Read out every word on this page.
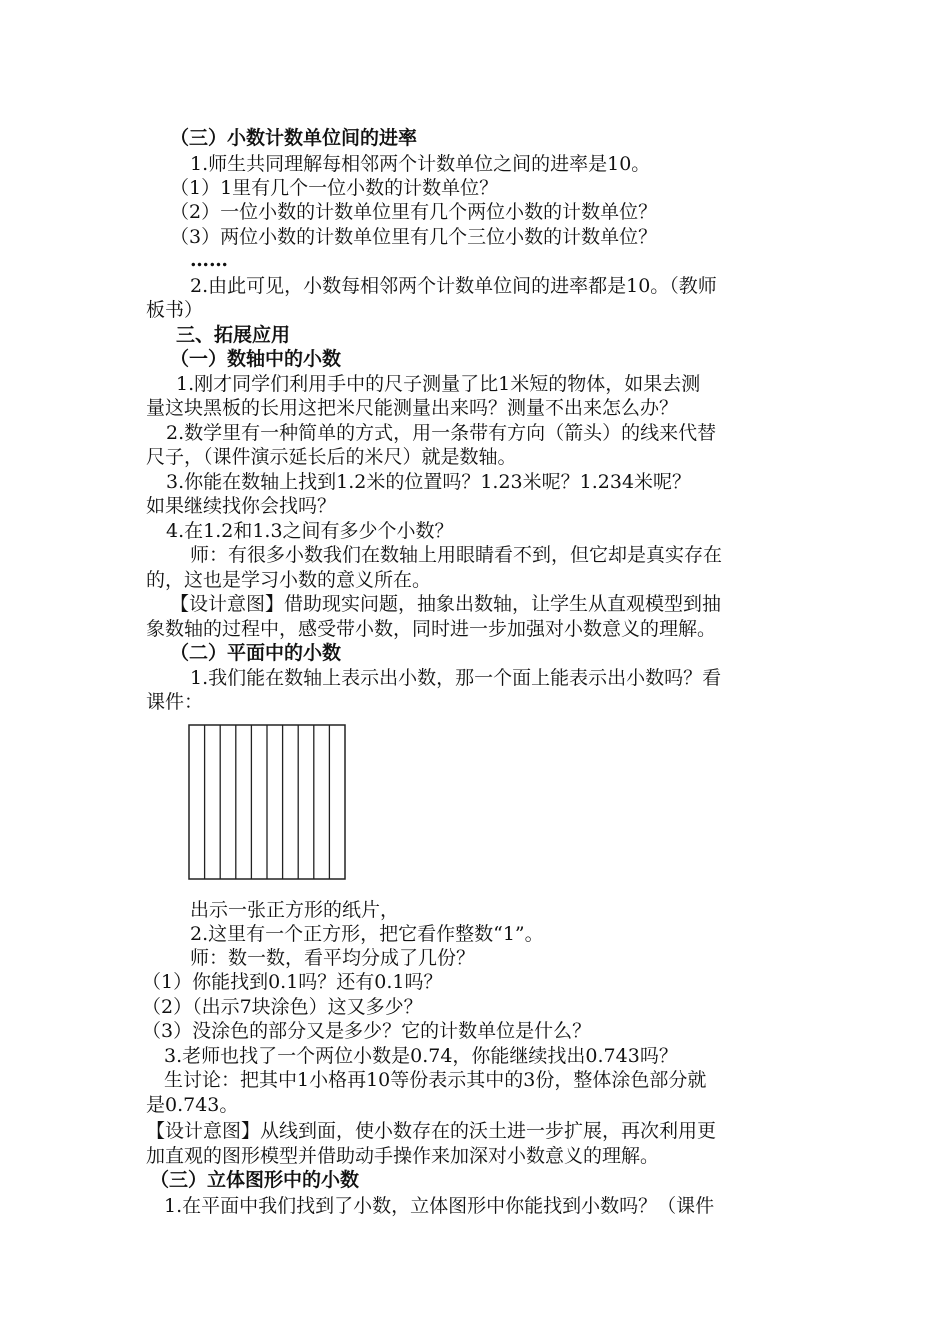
（三）小数计数单位间的进率

1.师生共同理解每相邻两个计数单位之间的进率是10。

（1）1里有几个一位小数的计数单位？

（2）一位小数的计数单位里有几个两位小数的计数单位？

（3）两位小数的计数单位里有几个三位小数的计数单位？

……

2.由此可见，小数每相邻两个计数单位间的进率都是10。（教师

板书）

三、拓展应用

（一）数轴中的小数

1.刚才同学们利用手中的尺子测量了比1米短的物体，如果去测

量这块黑板的长用这把米尺能测量出来吗？测量不出来怎么办？

2.数学里有一种简单的方式，用一条带有方向（箭头）的线来代替

尺子，（课件演示延长后的米尺）就是数轴。

3.你能在数轴上找到1.2米的位置吗？1.23米呢？1.234米呢？

如果继续找你会找吗？

4.在1.2和1.3之间有多少个小数？

师：有很多小数我们在数轴上用眼睛看不到，但它却是真实存在

的，这也是学习小数的意义所在。

【设计意图】借助现实问题，抽象出数轴，让学生从直观模型到抽

象数轴的过程中，感受带小数，同时进一步加强对小数意义的理解。

（二）平面中的小数

1.我们能在数轴上表示出小数，那一个面上能表示出小数吗？看

课件：

出示一张正方形的纸片，

2.这里有一个正方形，把它看作整数“1”。

师：数一数，看平均分成了几份？

（1）你能找到0.1吗？还有0.1吗？

（2）（出示7块涂色）这又多少？

（3）没涂色的部分又是多少？它的计数单位是什么？

3.老师也找了一个两位小数是0.74，你能继续找出0.743吗？

生讨论：把其中1小格再10等份表示其中的3份，整体涂色部分就

是0.743。

【设计意图】从线到面，使小数存在的沃土进一步扩展，再次利用更

加直观的图形模型并借助动手操作来加深对小数意义的理解。

（三）立体图形中的小数

1.在平面中我们找到了小数，立体图形中你能找到小数吗？（课件
